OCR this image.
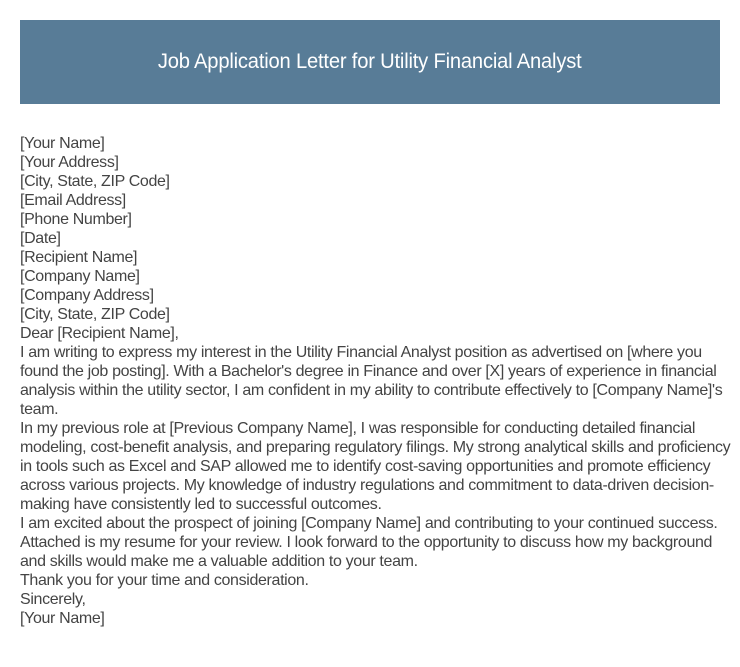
Job Application Letter for Utility Financial Analyst

[Your Name]

[Your Address]

[City, State, ZIP Code]

[Email Address]

[Phone Number]

[Date]

[Recipient Name]

[Company Name]

[Company Address]

[City, State, ZIP Code]

Dear [Recipient Name],

I am writing to express my interest in the Utility Financial Analyst position as advertised on [where you found the job posting]. With a Bachelor's degree in Finance and over [X] years of experience in financial analysis within the utility sector, I am confident in my ability to contribute effectively to [Company Name]'s team.

In my previous role at [Previous Company Name], I was responsible for conducting detailed financial modeling, cost-benefit analysis, and preparing regulatory filings. My strong analytical skills and proficiency in tools such as Excel and SAP allowed me to identify cost-saving opportunities and promote efficiency across various projects. My knowledge of industry regulations and commitment to data-driven decision-making have consistently led to successful outcomes.

I am excited about the prospect of joining [Company Name] and contributing to your continued success. Attached is my resume for your review. I look forward to the opportunity to discuss how my background and skills would make me a valuable addition to your team.

Thank you for your time and consideration.

Sincerely,

[Your Name]
